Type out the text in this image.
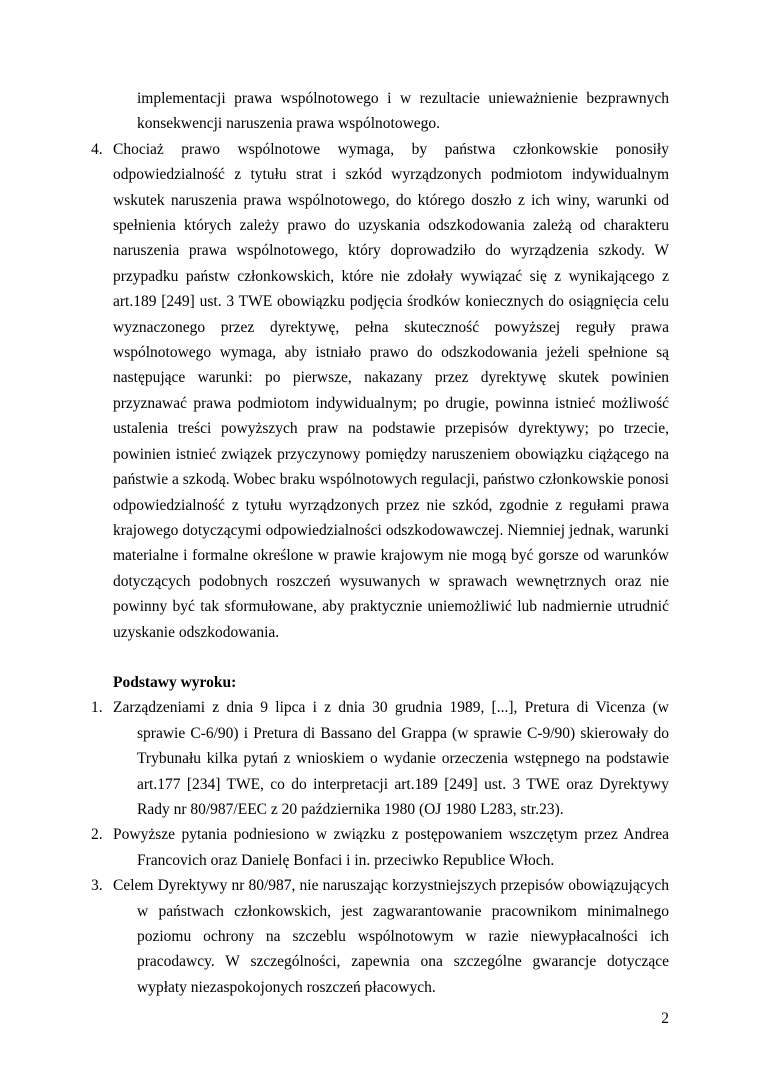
implementacji prawa wspólnotowego i w rezultacie unieważnienie bezprawnych konsekwencji naruszenia prawa wspólnotowego.

4. Chociaż prawo wspólnotowe wymaga, by państwa członkowskie ponosiły odpowiedzialność z tytułu strat i szkód wyrządzonych podmiotom indywidualnym wskutek naruszenia prawa wspólnotowego, do którego doszło z ich winy, warunki od spełnienia których zależy prawo do uzyskania odszkodowania zależą od charakteru naruszenia prawa wspólnotowego, który doprowadziło do wyrządzenia szkody. W przypadku państw członkowskich, które nie zdołały wywiązać się z wynikającego z art.189 [249] ust. 3 TWE obowiązku podjęcia środków koniecznych do osiągnięcia celu wyznaczonego przez dyrektywę, pełna skuteczność powyższej reguły prawa wspólnotowego wymaga, aby istniało prawo do odszkodowania jeżeli spełnione są następujące warunki: po pierwsze, nakazany przez dyrektywę skutek powinien przyznawać prawa podmiotom indywidualnym; po drugie, powinna istnieć możliwość ustalenia treści powyższych praw na podstawie przepisów dyrektywy; po trzecie, powinien istnieć związek przyczynowy pomiędzy naruszeniem obowiązku ciążącego na państwie a szkodą. Wobec braku wspólnotowych regulacji, państwo członkowskie ponosi odpowiedzialność z tytułu wyrządzonych przez nie szkód, zgodnie z regułami prawa krajowego dotyczącymi odpowiedzialności odszkodowawczej. Niemniej jednak, warunki materialne i formalne określone w prawie krajowym nie mogą być gorsze od warunków dotyczących podobnych roszczeń wysuwanych w sprawach wewnętrznych oraz nie powinny być tak sformułowane, aby praktycznie uniemożliwić lub nadmiernie utrudnić uzyskanie odszkodowania.
Podstawy wyroku:
1. Zarządzeniami z dnia 9 lipca i z dnia 30 grudnia 1989, [...], Pretura di Vicenza (w sprawie C-6/90) i Pretura di Bassano del Grappa (w sprawie C-9/90) skierowały do Trybunału kilka pytań z wnioskiem o wydanie orzeczenia wstępnego na podstawie art.177 [234] TWE, co do interpretacji art.189 [249] ust. 3 TWE oraz Dyrektywy Rady nr 80/987/EEC z 20 października 1980 (OJ 1980 L283, str.23).
2. Powyższe pytania podniesiono w związku z postępowaniem wszczętym przez Andrea Francovich oraz Danielę Bonfaci i in. przeciwko Republice Włoch.
3. Celem Dyrektywy nr 80/987, nie naruszając korzystniejszych przepisów obowiązujących w państwach członkowskich, jest zagwarantowanie pracownikom minimalnego poziomu ochrony na szczeblu wspólnotowym w razie niewypłacalności ich pracodawcy. W szczególności, zapewnia ona szczególne gwarancje dotyczące wypłaty niezaspokojonych roszczeń płacowych.
2
